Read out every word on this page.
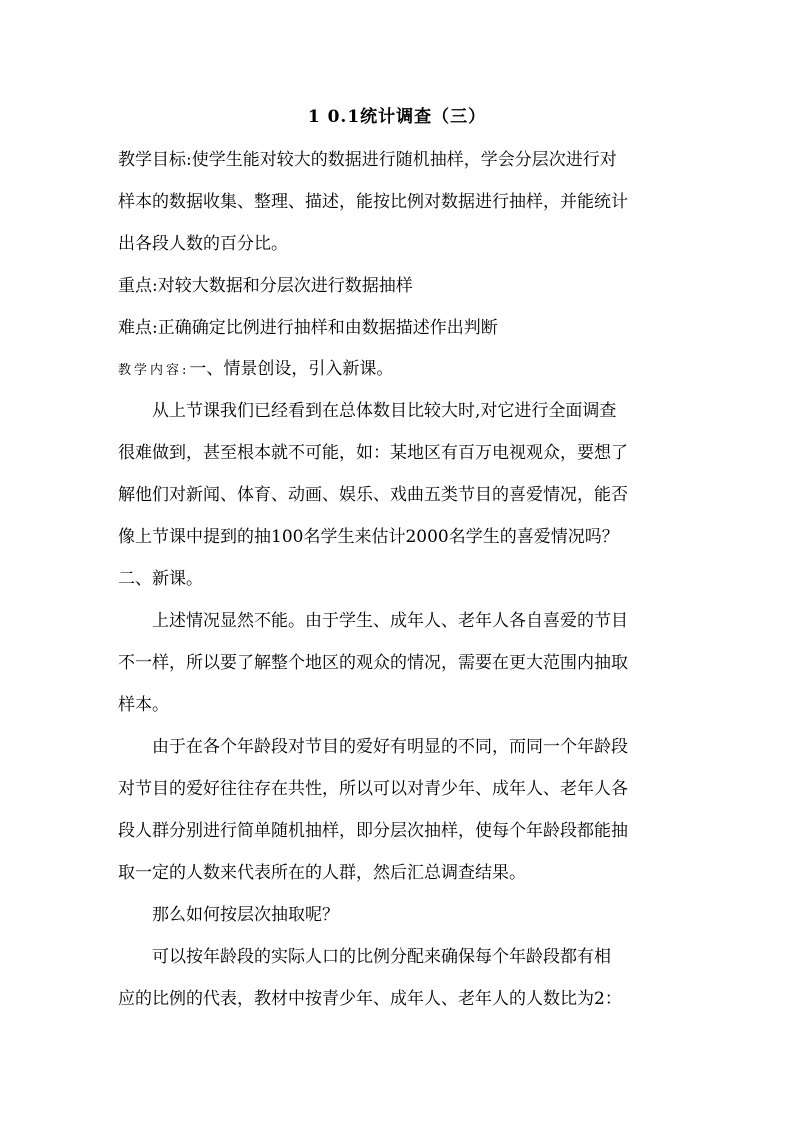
1 0.1统计调查（三）
教学目标:使学生能对较大的数据进行随机抽样，学会分层次进行对
样本的数据收集、整理、描述，能按比例对数据进行抽样，并能统计
出各段人数的百分比。
重点:对较大数据和分层次进行数据抽样
难点:正确确定比例进行抽样和由数据描述作出判断
教学内容:一、情景创设，引入新课。
从上节课我们已经看到在总体数目比较大时,对它进行全面调查
很难做到，甚至根本就不可能，如：某地区有百万电视观众，要想了
解他们对新闻、体育、动画、娱乐、戏曲五类节目的喜爱情况，能否
像上节课中提到的抽100名学生来估计2000名学生的喜爱情况吗？
二、新课。
上述情况显然不能。由于学生、成年人、老年人各自喜爱的节目
不一样，所以要了解整个地区的观众的情况，需要在更大范围内抽取
样本。
由于在各个年龄段对节目的爱好有明显的不同，而同一个年龄段
对节目的爱好往往存在共性，所以可以对青少年、成年人、老年人各
段人群分别进行简单随机抽样，即分层次抽样，使每个年龄段都能抽
取一定的人数来代表所在的人群，然后汇总调查结果。
那么如何按层次抽取呢？
可以按年龄段的实际人口的比例分配来确保每个年龄段都有相
应的比例的代表，教材中按青少年、成年人、老年人的人数比为2：
